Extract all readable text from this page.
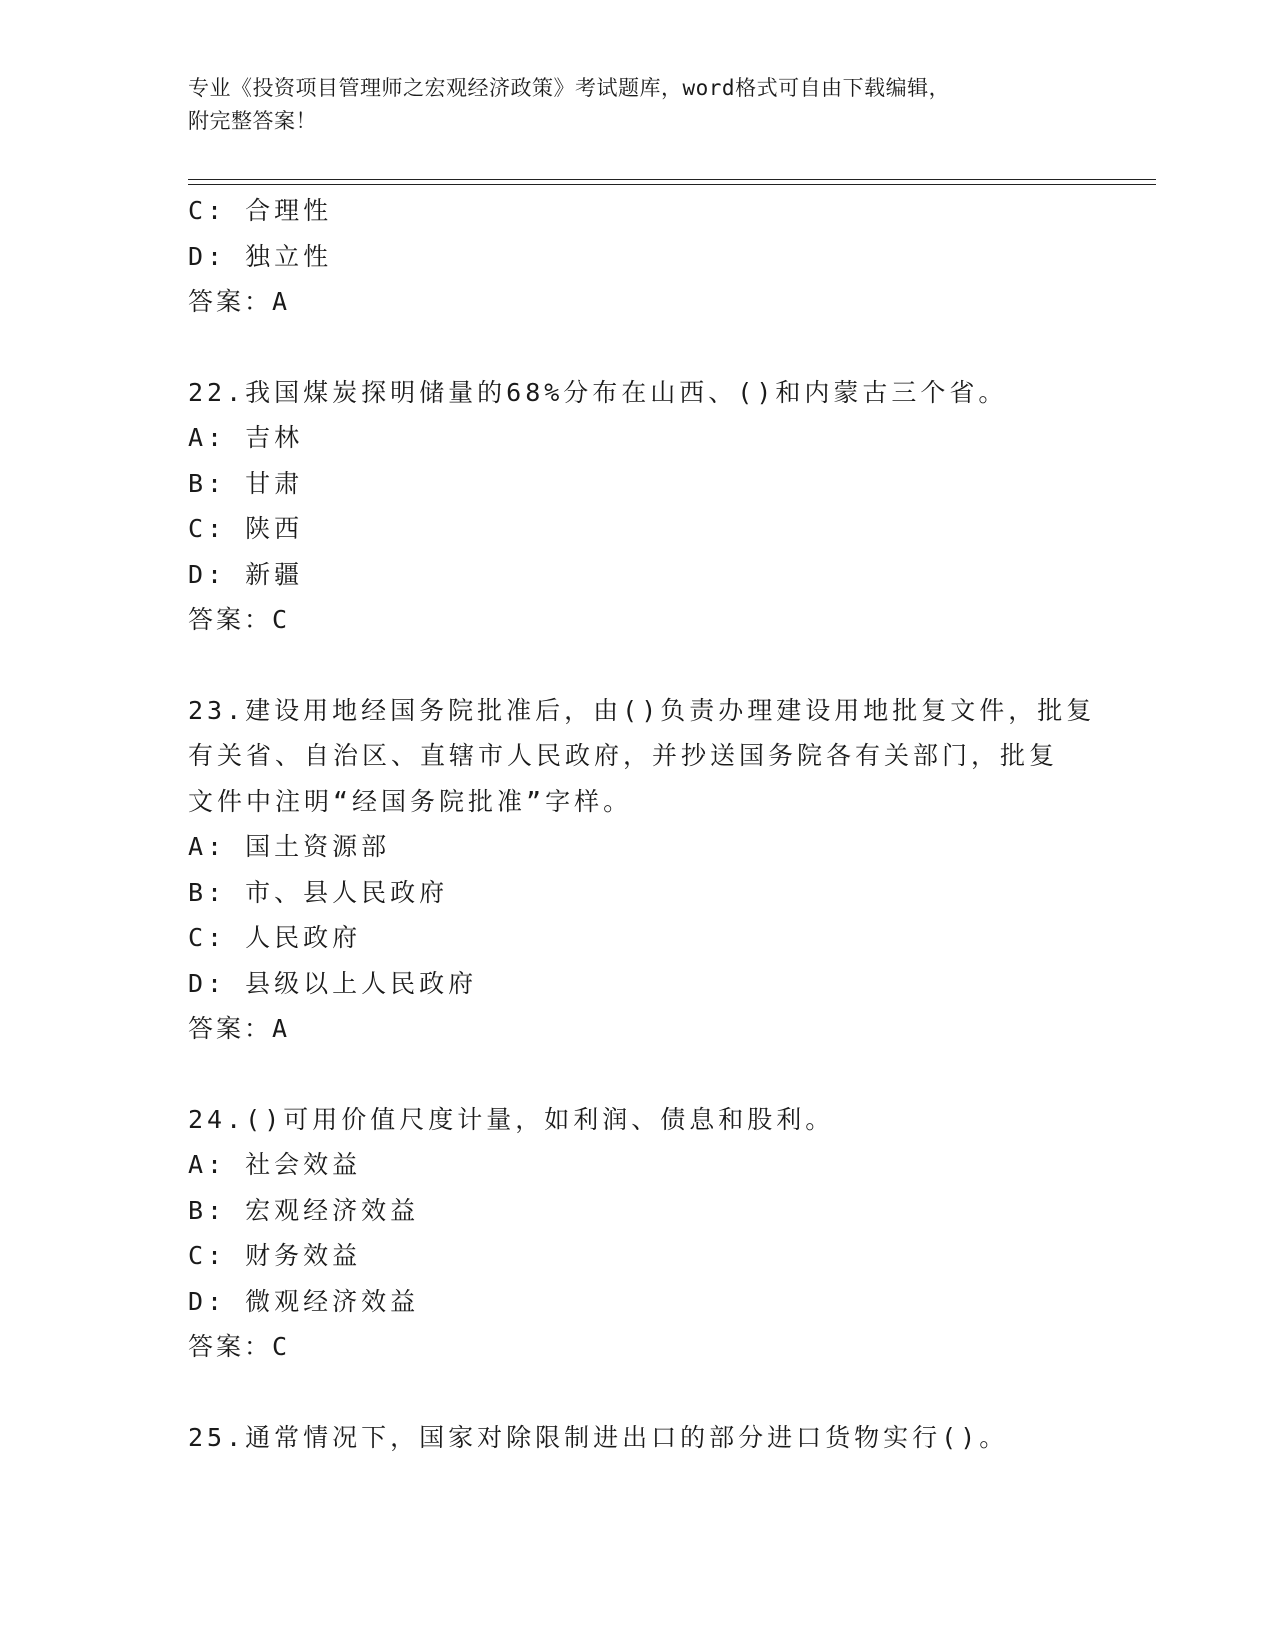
专业《投资项目管理师之宏观经济政策》考试题库，word格式可自由下载编辑，
附完整答案！
C: 合理性
D: 独立性
答案：A
22.我国煤炭探明储量的68%分布在山西、()和内蒙古三个省。
A: 吉林
B: 甘肃
C: 陕西
D: 新疆
答案：C
23.建设用地经国务院批准后，由()负责办理建设用地批复文件，批复
有关省、自治区、直辖市人民政府，并抄送国务院各有关部门，批复
文件中注明“经国务院批准”字样。
A: 国土资源部
B: 市、县人民政府
C: 人民政府
D: 县级以上人民政府
答案：A
24.()可用价值尺度计量，如利润、债息和股利。
A: 社会效益
B: 宏观经济效益
C: 财务效益
D: 微观经济效益
答案：C
25.通常情况下，国家对除限制进出口的部分进口货物实行()。
